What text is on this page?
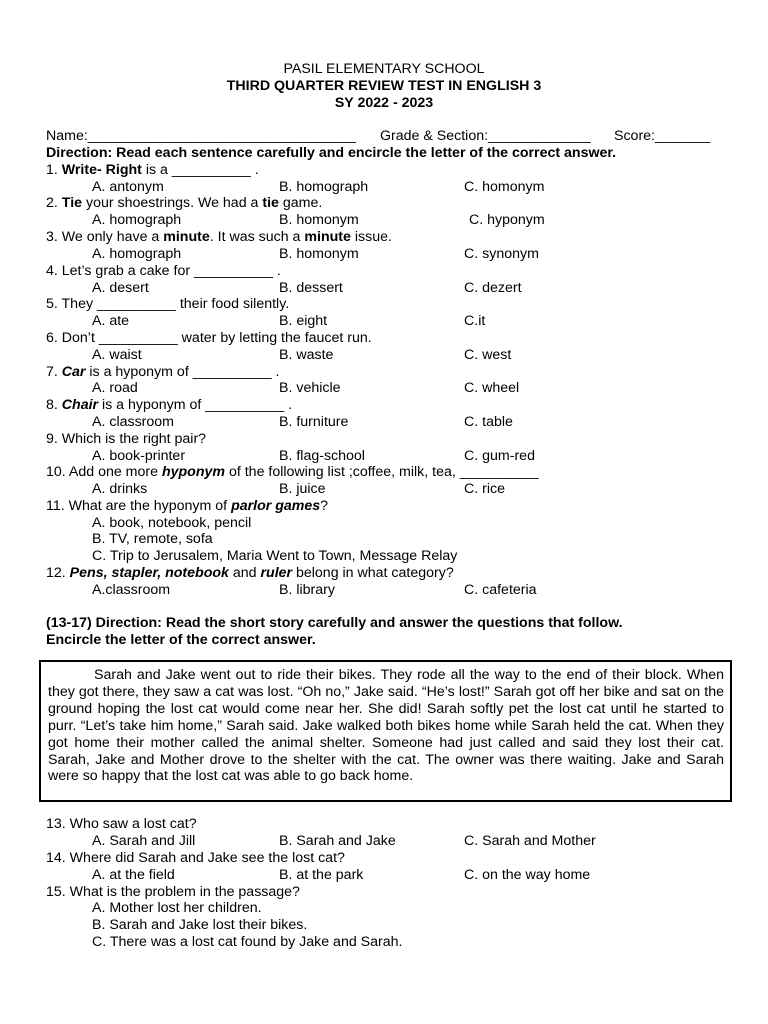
PASIL ELEMENTARY SCHOOL
THIRD QUARTER REVIEW TEST IN ENGLISH 3
SY 2022 - 2023
Name:__________________________________ Grade & Section:_____________ Score:_______
Direction: Read each sentence carefully and encircle the letter of the correct answer.
1. Write- Right is a __________ .
A. antonym	B. homograph	C. homonym
2. Tie your shoestrings. We had a tie game.
A. homograph	B. homonym	C. hyponym
3. We only have a minute. It was such a minute issue.
A. homograph	B. homonym	C. synonym
4. Let’s grab a cake for __________ .
A. desert	B. dessert	C. dezert
5. They __________ their food silently.
A. ate	B. eight	C.it
6. Don’t __________ water by letting the faucet run.
A. waist	B. waste	C. west
7. Car is a hyponym of __________ .
A. road	B. vehicle	C. wheel
8. Chair is a hyponym of __________ .
A. classroom	B. furniture	C. table
9. Which is the right pair?
A. book-printer	B. flag-school	C. gum-red
10. Add one more hyponym of the following list ;coffee, milk, tea, __________
A. drinks	B. juice	C. rice
11. What are the hyponym of parlor games?
A. book, notebook, pencil
B. TV, remote, sofa
C. Trip to Jerusalem, Maria Went to Town, Message Relay
12. Pens, stapler, notebook and ruler belong in what category?
A.classroom	B. library	C. cafeteria
(13-17) Direction: Read the short story carefully and answer the questions that follow.
Encircle the letter of the correct answer.
Sarah and Jake went out to ride their bikes. They rode all the way to the end of their block. When they got there, they saw a cat was lost. “Oh no,” Jake said. “He’s lost!” Sarah got off her bike and sat on the ground hoping the lost cat would come near her. She did! Sarah softly pet the lost cat until he started to purr. “Let’s take him home,” Sarah said. Jake walked both bikes home while Sarah held the cat. When they got home their mother called the animal shelter. Someone had just called and said they lost their cat. Sarah, Jake and Mother drove to the shelter with the cat. The owner was there waiting. Jake and Sarah were so happy that the lost cat was able to go back home.
13. Who saw a lost cat?
A. Sarah and Jill	B. Sarah and Jake	C. Sarah and Mother
14. Where did Sarah and Jake see the lost cat?
A. at the field	B. at the park	C. on the way home
15. What is the problem in the passage?
A. Mother lost her children.
B. Sarah and Jake lost their bikes.
C. There was a lost cat found by Jake and Sarah.
